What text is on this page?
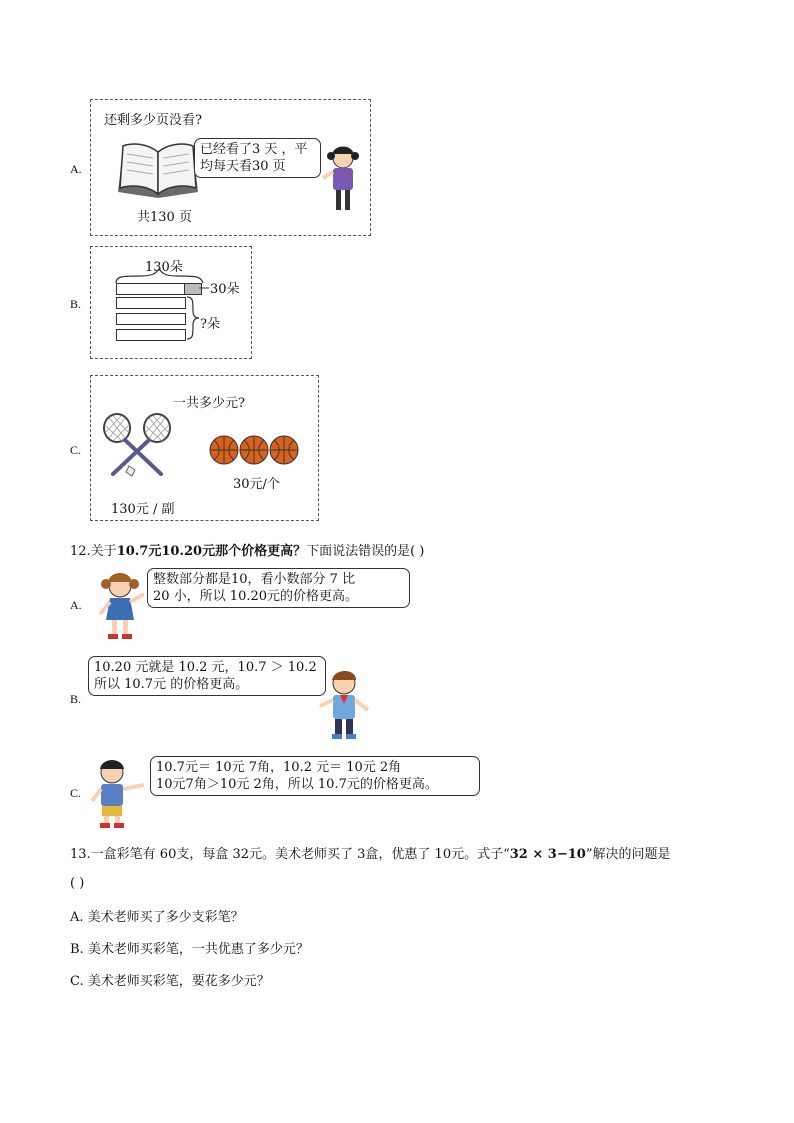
A.
还剩多少页没看?
共130 页
已经看了3 天 ，平
均每天看30 页
B.
130朵
30朵
?朵
C.
一共多少元?
30元/个
130元 / 副
12.关于10.7元10.20元那个价格更高？下面说法错误的是( )
A.
整数部分都是10，看小数部分 7 比
20 小，所以 10.20元的价格更高。
B.
10.20 元就是 10.2 元，10.7 ＞ 10.2
所以 10.7元 的价格更高。
C.
10.7元＝ 10元 7角，10.2 元＝ 10元 2角
10元7角＞10元 2角，所以 10.7元的价格更高。
13.一盒彩笔有 60支，每盒 32元。美术老师买了 3盒，优惠了 10元。式子“32 × 3−10”解决的问题是
( )
A. 美术老师买了多少支彩笔？
B. 美术老师买彩笔，一共优惠了多少元？
C. 美术老师买彩笔，要花多少元？
